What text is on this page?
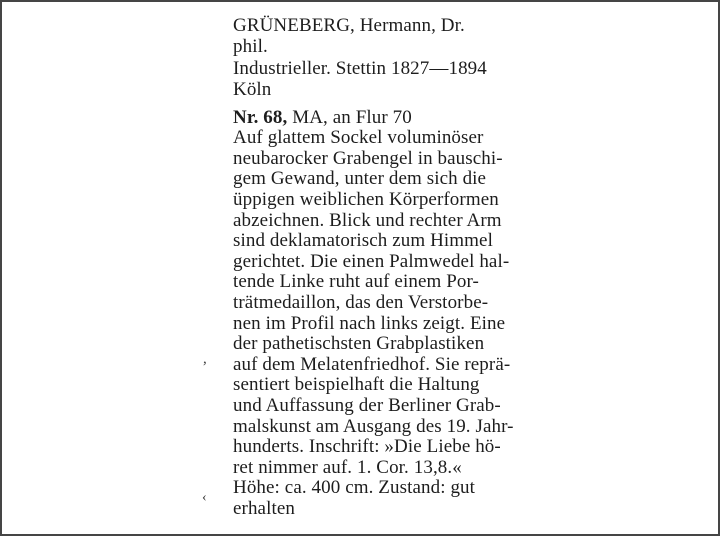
,
‹
GRÜNEBERG, Hermann, Dr.
phil.
Industrieller. Stettin 1827—1894
Köln
Nr. 68, MA, an Flur 70
Auf glattem Sockel voluminöser
neubarocker Grabengel in bauschi-
gem Gewand, unter dem sich die
üppigen weiblichen Körperformen
abzeichnen. Blick und rechter Arm
sind deklamatorisch zum Himmel
gerichtet. Die einen Palmwedel hal-
tende Linke ruht auf einem Por-
trätmedaillon, das den Verstorbe-
nen im Profil nach links zeigt. Eine
der pathetischsten Grabplastiken
auf dem Melatenfriedhof. Sie reprä-
sentiert beispielhaft die Haltung
und Auffassung der Berliner Grab-
malskunst am Ausgang des 19. Jahr-
hunderts. Inschrift: »Die Liebe hö-
ret nimmer auf. 1. Cor. 13,8.«
Höhe: ca. 400 cm. Zustand: gut
erhalten
